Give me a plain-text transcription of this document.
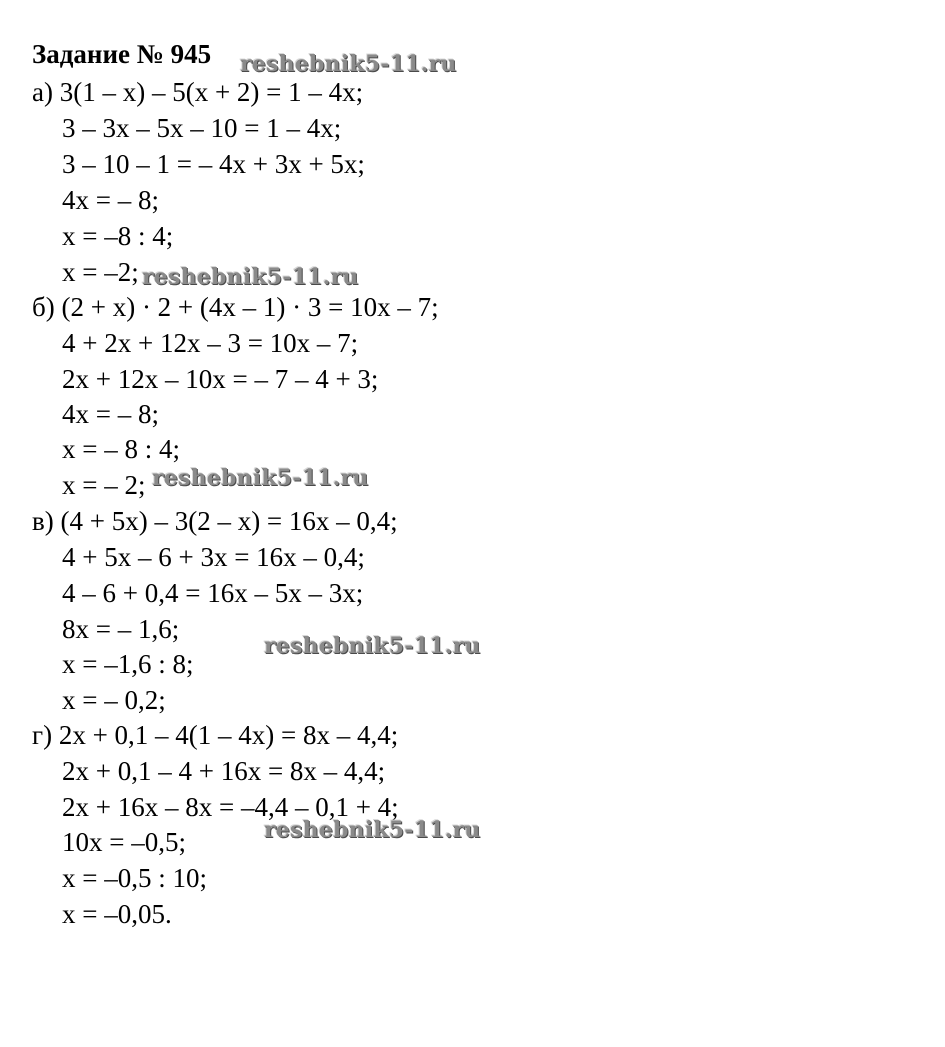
Задание № 945
а) 3(1 – x) – 5(x + 2) = 1 – 4x;
3 – 3x – 5x – 10 = 1 – 4x;
3 – 10 – 1 = – 4x + 3x + 5x;
4x = – 8;
x = –8 : 4;
x = –2;
б) (2 + x) · 2 + (4x – 1) · 3 = 10x – 7;
4 + 2x + 12x – 3 = 10x – 7;
2x + 12x – 10x = – 7 – 4 + 3;
4x = – 8;
x = – 8 : 4;
x = – 2;
в) (4 + 5x) – 3(2 – x) = 16x – 0,4;
4 + 5x – 6 + 3x = 16x – 0,4;
4 – 6 + 0,4 = 16x – 5x – 3x;
8x = – 1,6;
x = –1,6 : 8;
x = – 0,2;
г) 2x + 0,1 – 4(1 – 4x) = 8x – 4,4;
2x + 0,1 – 4 + 16x = 8x – 4,4;
2x + 16x – 8x = –4,4 – 0,1 + 4;
10x = –0,5;
x = –0,5 : 10;
x = –0,05.
reshebnik5-11.ru
reshebnik5-11.ru
reshebnik5-11.ru
reshebnik5-11.ru
reshebnik5-11.ru
